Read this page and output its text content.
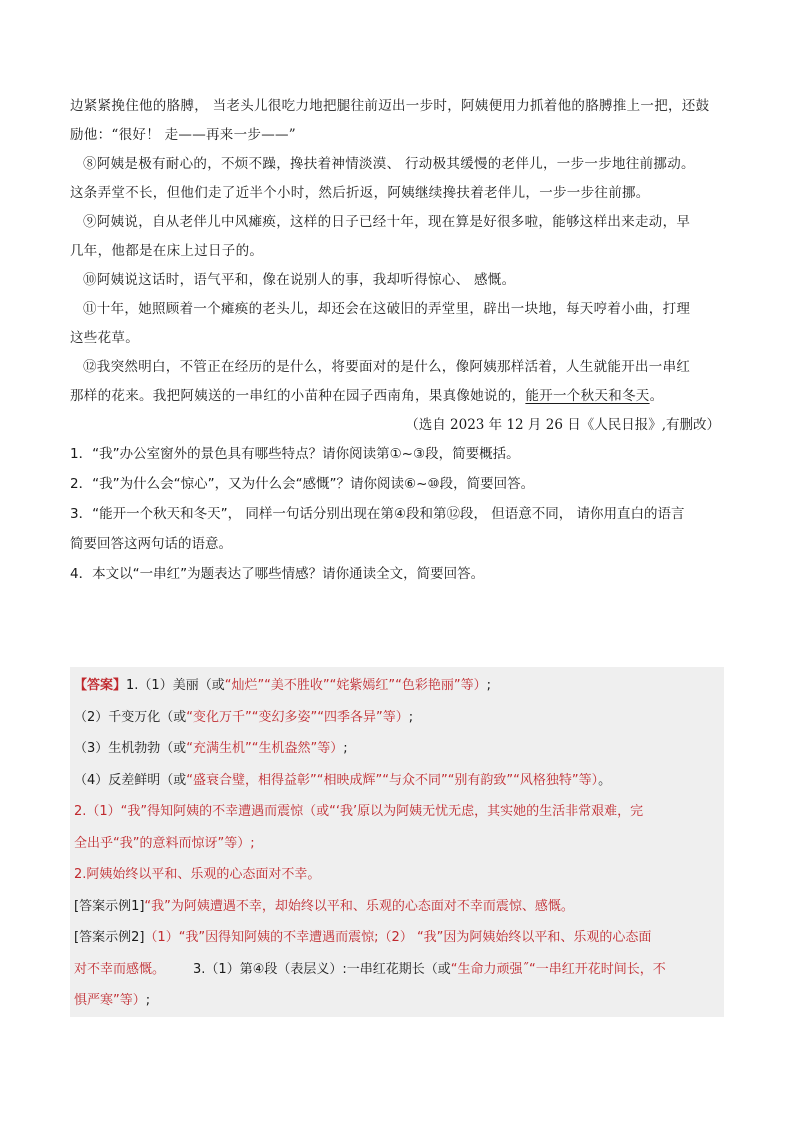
边紧紧挽住他的胳膊， 当老头儿很吃力地把腿往前迈出一步时，阿姨便用力抓着他的胳膊推上一把，还鼓
励他：“很好！ 走——再来一步——”
⑧阿姨是极有耐心的，不烦不躁，搀扶着神情淡漠、 行动极其缓慢的老伴儿，一步一步地往前挪动。
这条弄堂不长，但他们走了近半个小时，然后折返，阿姨继续搀扶着老伴儿，一步一步往前挪。
⑨阿姨说，自从老伴儿中风瘫痪，这样的日子已经十年，现在算是好很多啦，能够这样出来走动，早
几年，他都是在床上过日子的。
⑩阿姨说这话时，语气平和，像在说别人的事，我却听得惊心、 感慨。
⑪十年，她照顾着一个瘫痪的老头儿，却还会在这破旧的弄堂里，辟出一块地，每天哼着小曲，打理
这些花草。
⑫我突然明白，不管正在经历的是什么，将要面对的是什么，像阿姨那样活着，人生就能开出一串红
那样的花来。我把阿姨送的一串红的小苗种在园子西南角，果真像她说的，能开一个秋天和冬天。
（选自 2023 年 12 月 26 日《人民日报》,有删改）
1．“我”办公室窗外的景色具有哪些特点？请你阅读第①~③段，简要概括。
2．“我”为什么会“惊心”，又为什么会“感慨”？请你阅读⑥~⑩段，简要回答。
3．“能开一个秋天和冬天”， 同样一句话分别出现在第④段和第⑫段， 但语意不同， 请你用直白的语言
简要回答这两句话的语意。
4．本文以“一串红”为题表达了哪些情感？请你通读全文，简要回答。
【答案】1.（1）美丽（或“灿烂”“美不胜收”“姹紫嫣红”“色彩艳丽”等）;
（2）千变万化（或“变化万千”“变幻多姿”“四季各异”等）;
（3）生机勃勃（或“充满生机”“生机盎然”等）;
（4）反差鲜明（或“盛衰合璧，相得益彰”“相映成辉”“与众不同”“别有韵致”“风格独特”等）。
2.（1）“我”得知阿姨的不幸遭遇而震惊（或“‘我’原以为阿姨无忧无虑，其实她的生活非常艰难，完
全出乎“我”的意料而惊讶”等）;
2.阿姨始终以平和、乐观的心态面对不幸。
[答案示例1]“我”为阿姨遭遇不幸，却始终以平和、乐观的心态面对不幸而震惊、感慨。
[答案示例2]（1）“我”因得知阿姨的不幸遭遇而震惊;（2） “我”因为阿姨始终以平和、乐观的心态面
对不幸而感慨。 3.（1）第④段（表层义）:一串红花期长（或“生命力顽强˝“一串红开花时间长，不
惧严寒”等）;
